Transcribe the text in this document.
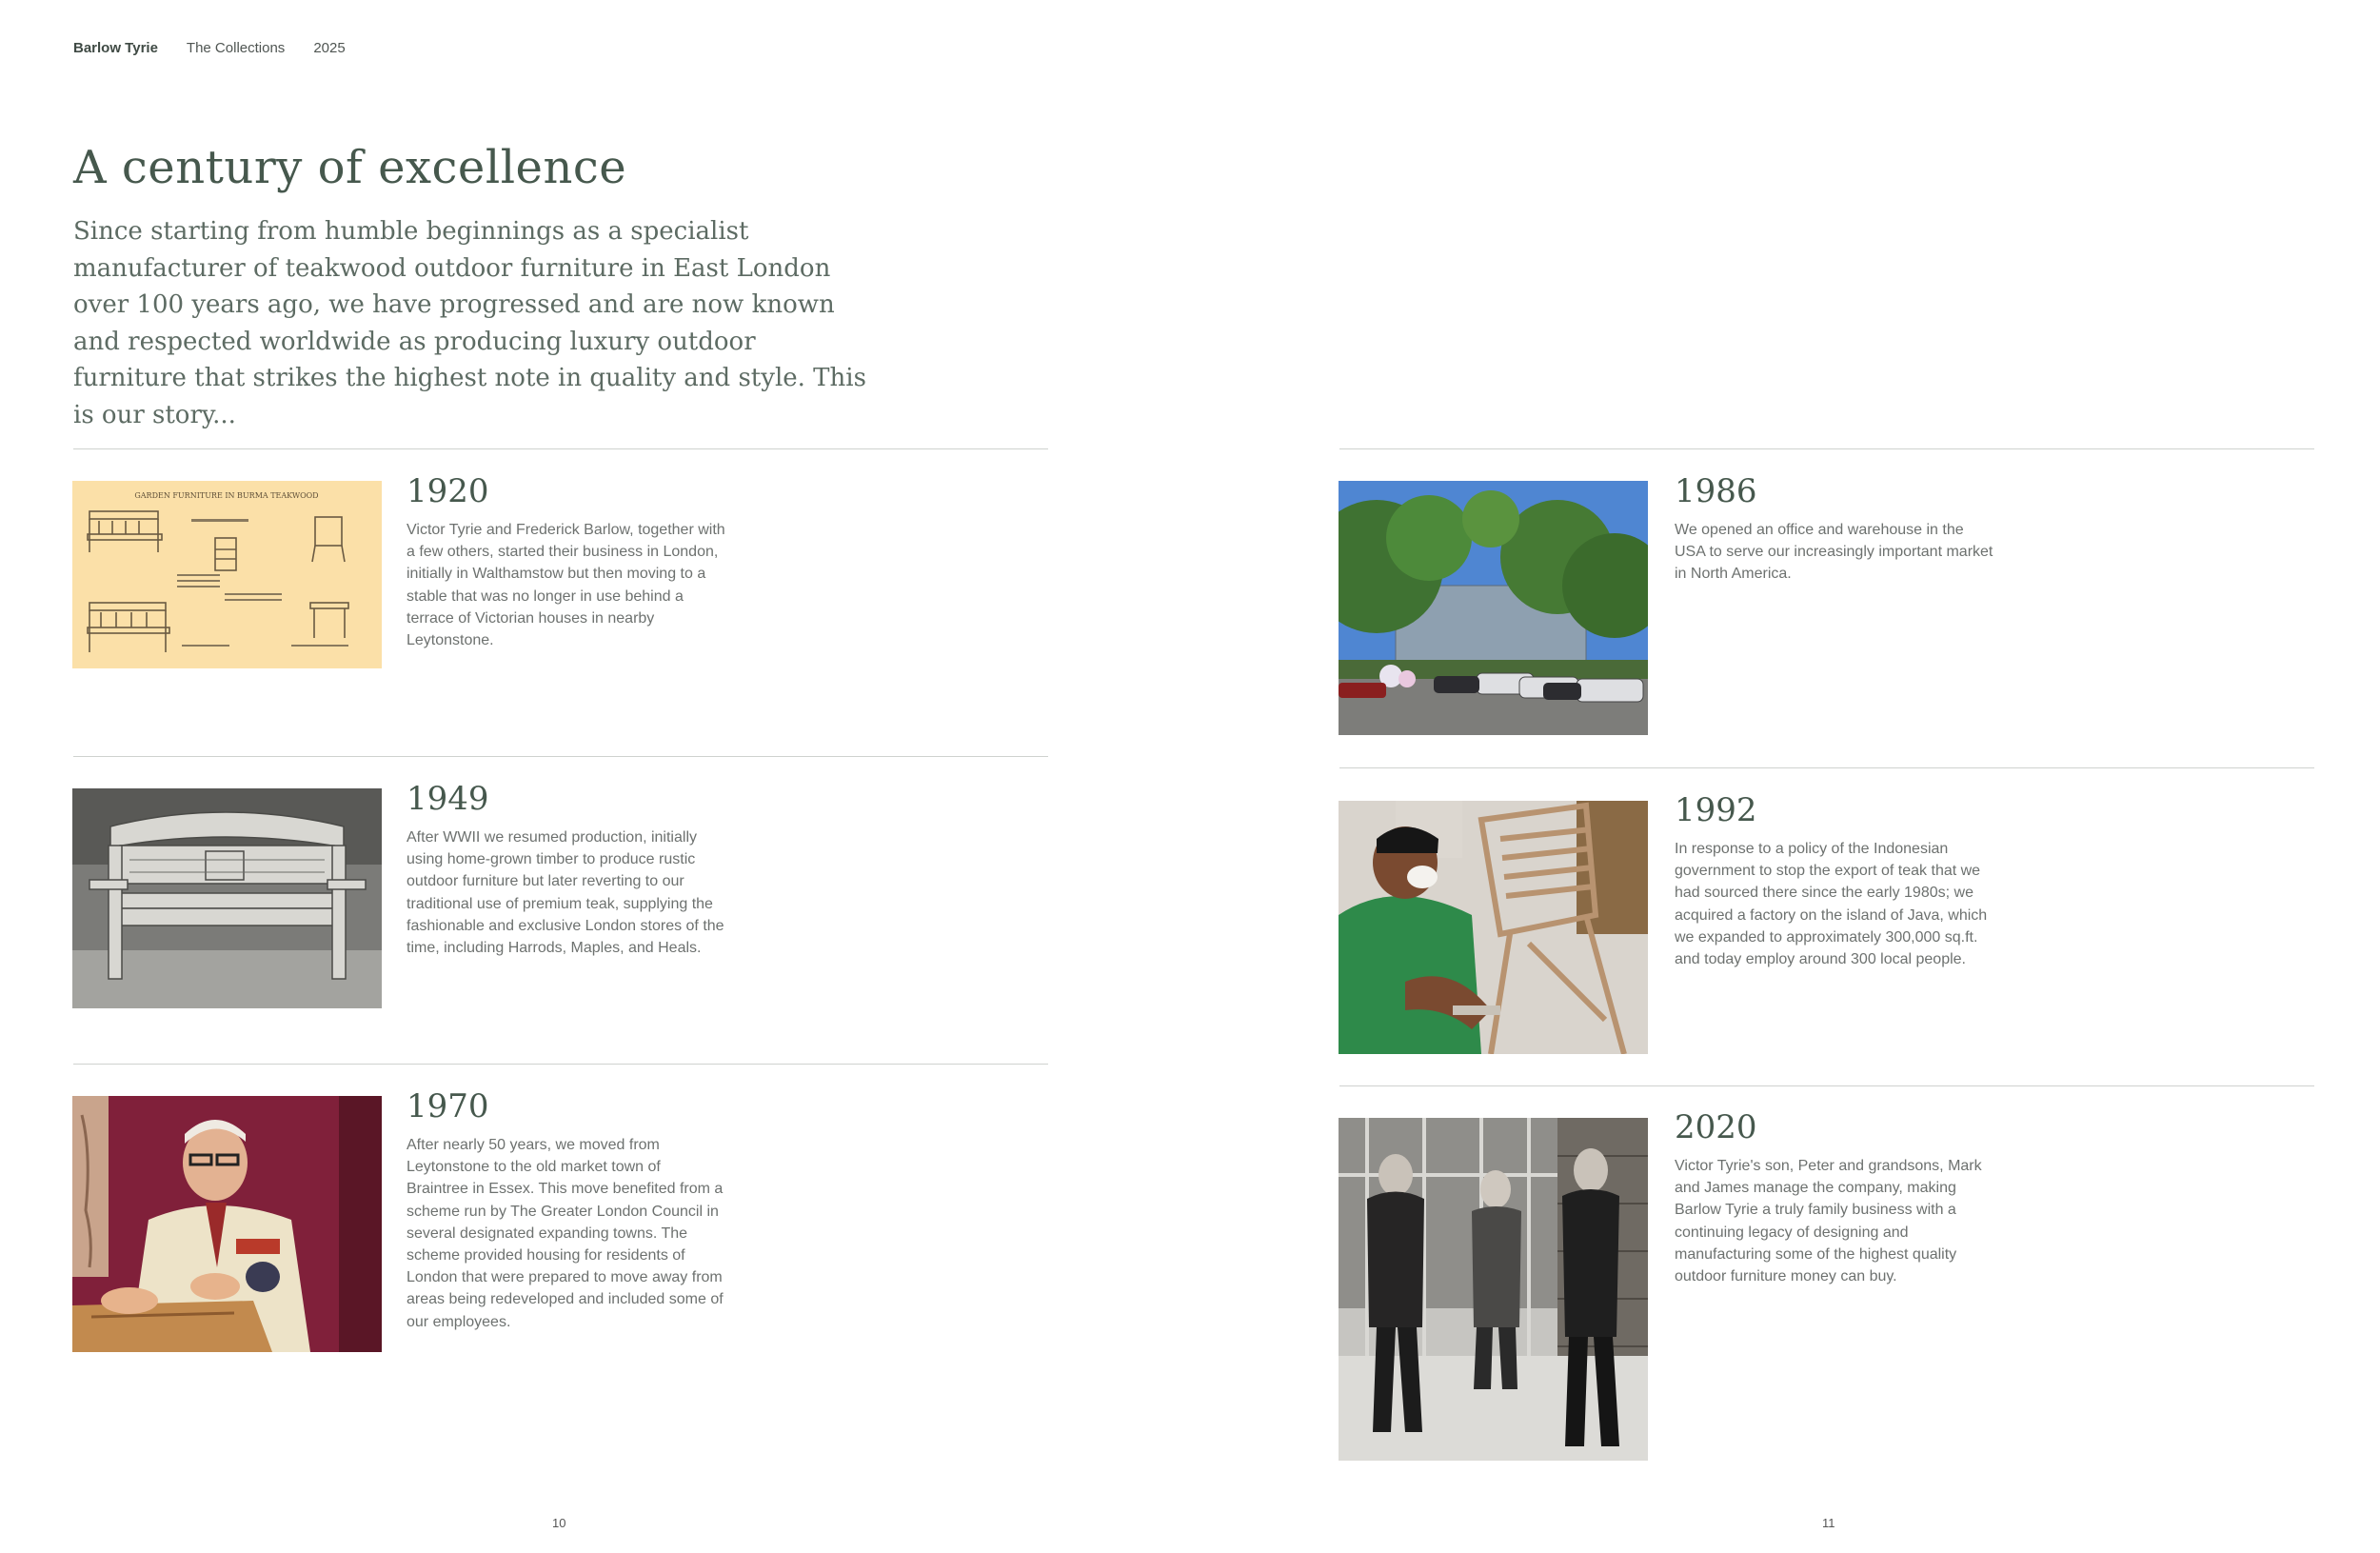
Barlow Tyrie The Collections 2025
A century of excellence

Since starting from humble beginnings as a specialist manufacturer of teakwood outdoor furniture in East London over 100 years ago, we have progressed and are now known and respected worldwide as producing luxury outdoor furniture that strikes the highest note in quality and style. This is our story...

GARDEN FURNITURE IN BURMA TEAKWOOD	1920

Victor Tyrie and Frederick Barlow, together with a few others, started their business in London, initially in Walthamstow but then moving to a stable that was no longer in use behind a terrace of Victorian houses in nearby Leytonstone.

1949

After WWII we resumed production, initially using home-grown timber to produce rustic outdoor furniture but later reverting to our traditional use of premium teak, supplying the fashionable and exclusive London stores of the time, including Harrods, Maples, and Heals.

1970

After nearly 50 years, we moved from Leytonstone to the old market town of Braintree in Essex. This move benefited from a scheme run by The Greater London Council in several designated expanding towns. The scheme provided housing for residents of London that were prepared to move away from areas being redeveloped and included some of our employees.

1986

We opened an office and warehouse in the USA to serve our increasingly important market in North America.

1992

In response to a policy of the Indonesian government to stop the export of teak that we had sourced there since the early 1980s; we acquired a factory on the island of Java, which we expanded to approximately 300,000 sq.ft. and today employ around 300 local people.

2020

Victor Tyrie's son, Peter and grandsons, Mark and James manage the company, making Barlow Tyrie a truly family business with a continuing legacy of designing and manufacturing some of the highest quality outdoor furniture money can buy.

10	11
